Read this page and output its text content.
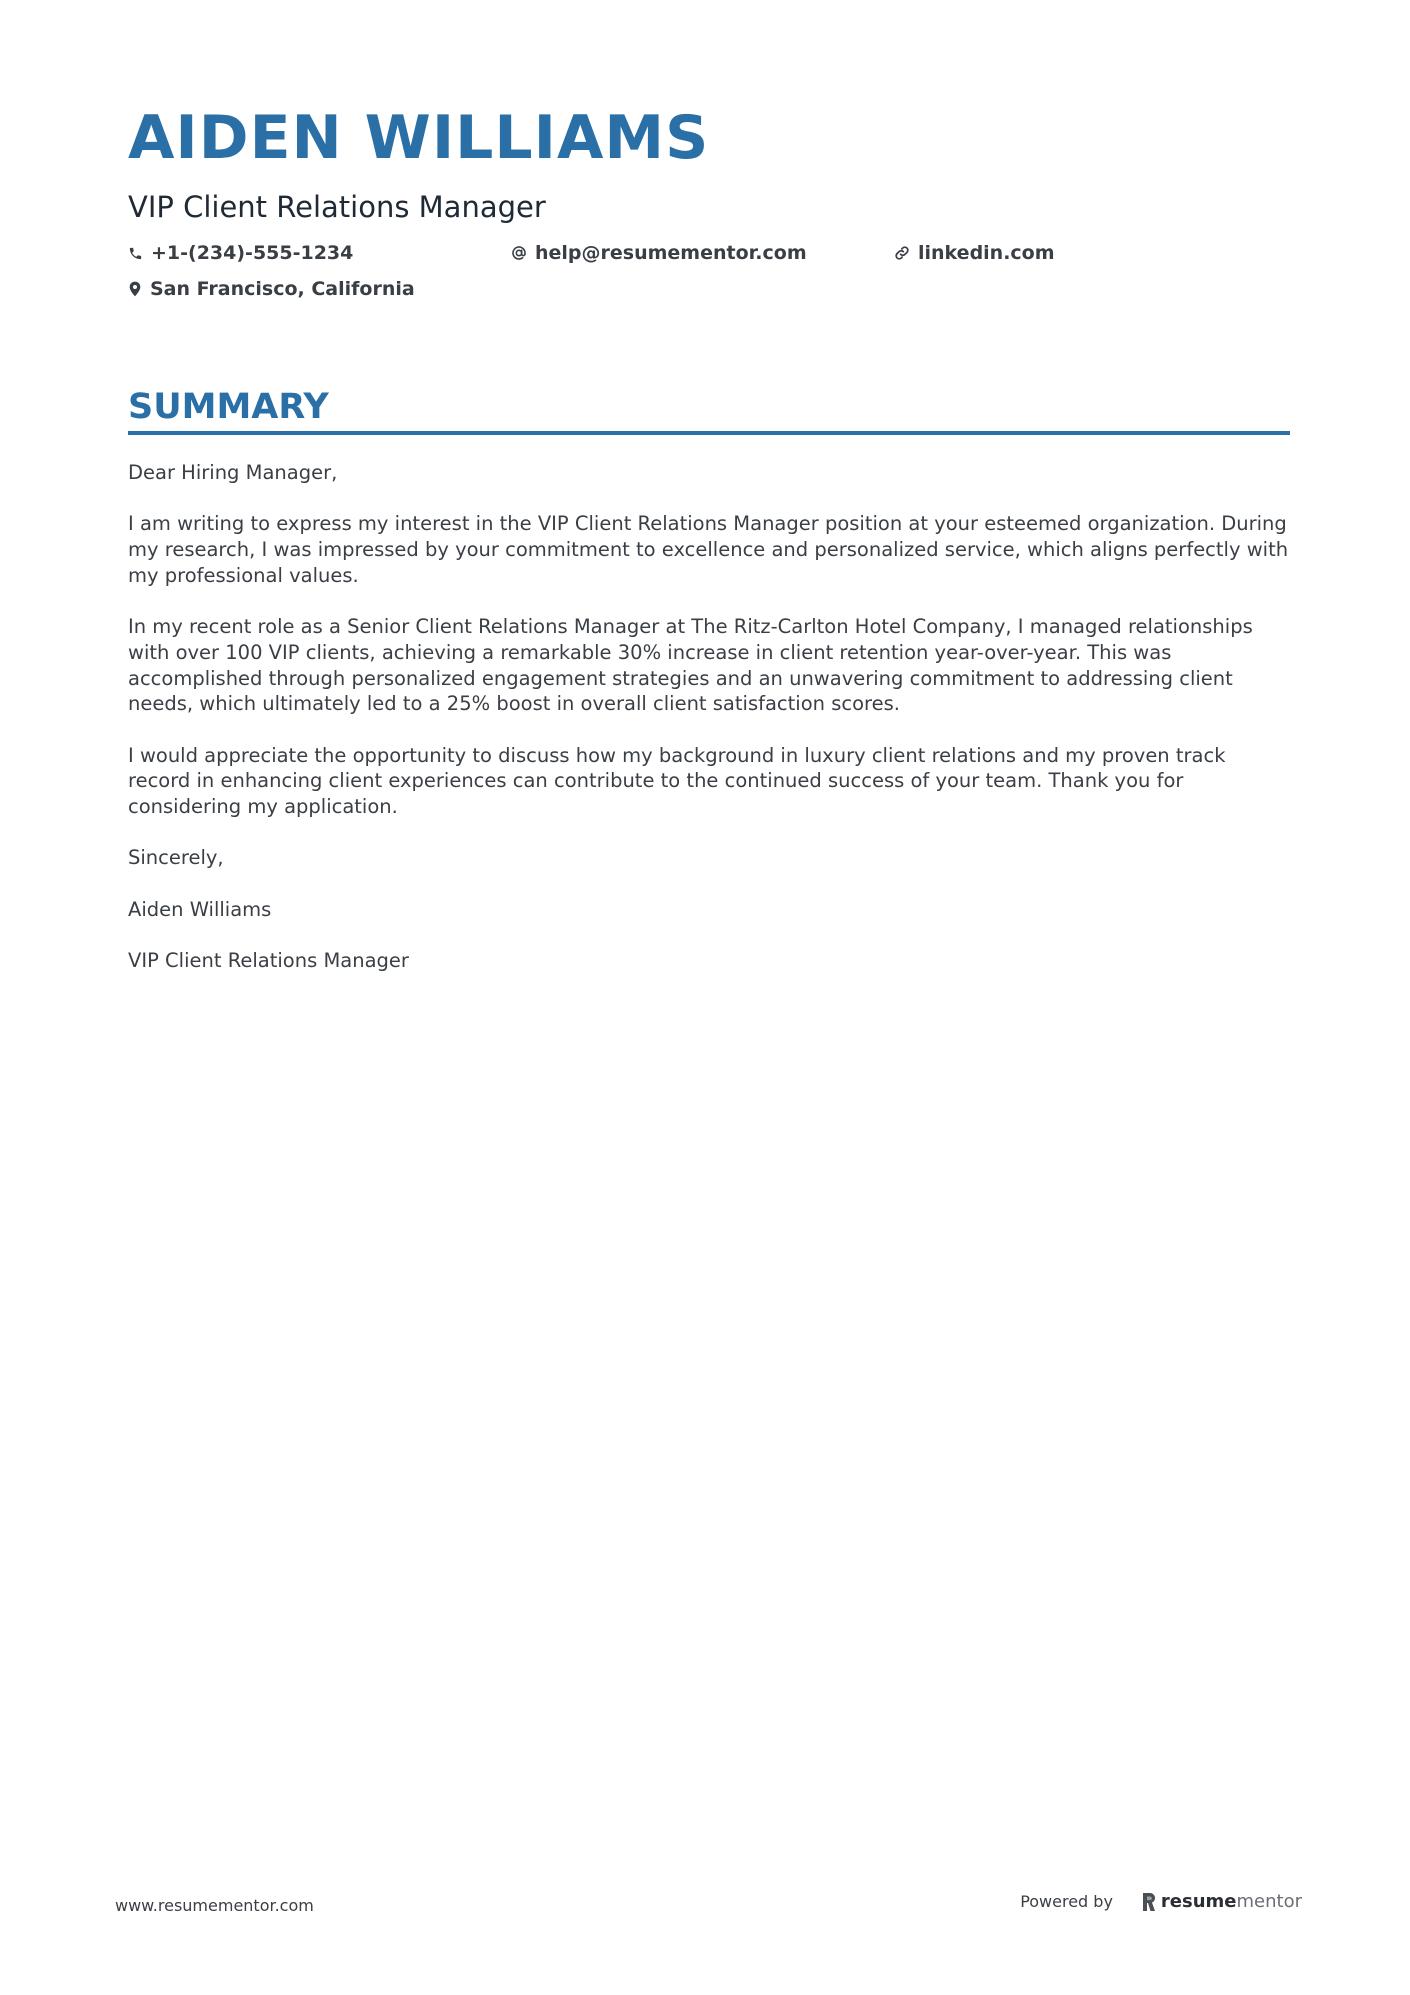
AIDEN WILLIAMS
VIP Client Relations Manager
+1-(234)-555-1234	help@resumementor.com	linkedin.com
San Francisco, California
SUMMARY

Dear Hiring Manager,

I am writing to express my interest in the VIP Client Relations Manager position at your esteemed organization. During my research, I was impressed by your commitment to excellence and personalized service, which aligns perfectly with my professional values.

In my recent role as a Senior Client Relations Manager at The Ritz-Carlton Hotel Company, I managed relationships with over 100 VIP clients, achieving a remarkable 30% increase in client retention year-over-year. This was accomplished through personalized engagement strategies and an unwavering commitment to addressing client needs, which ultimately led to a 25% boost in overall client satisfaction scores.

I would appreciate the opportunity to discuss how my background in luxury client relations and my proven track record in enhancing client experiences can contribute to the continued success of your team. Thank you for considering my application.

Sincerely,

Aiden Williams

VIP Client Relations Manager

www.resumementor.com	Powered by	resume mentor
